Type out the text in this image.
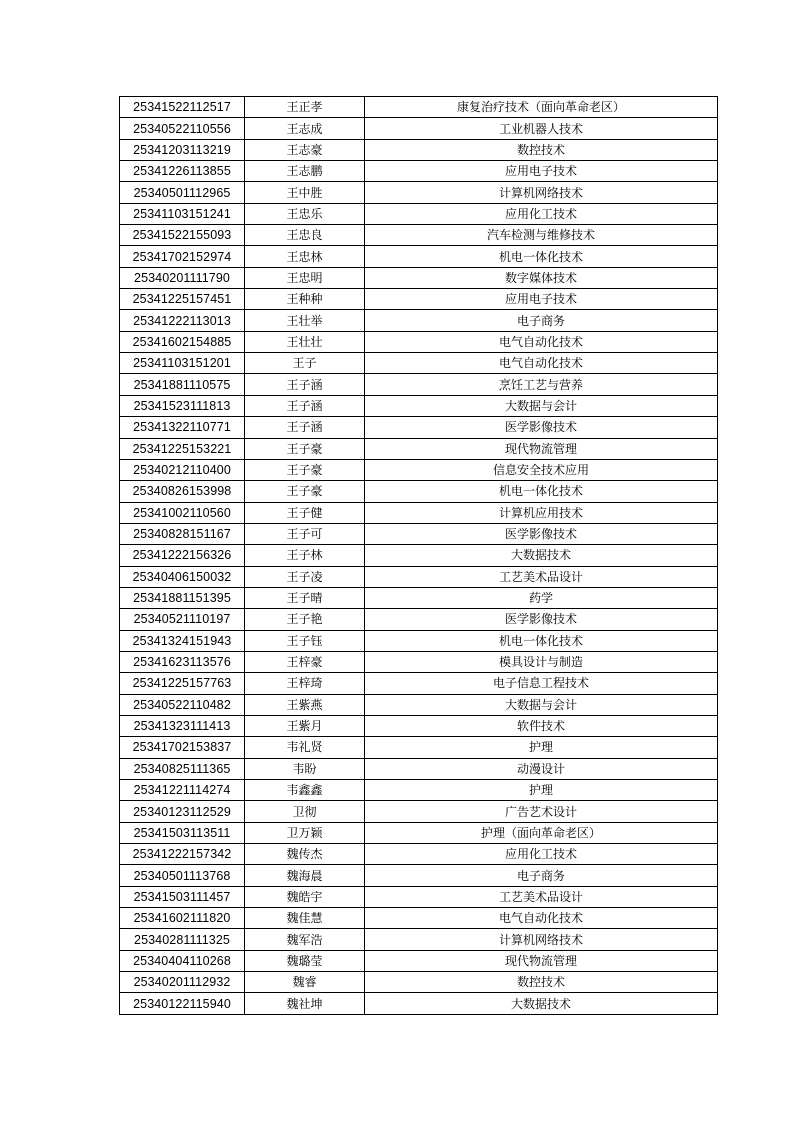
25341522112517	王正孝	康复治疗技术（面向革命老区）
25340522110556	王志成	工业机器人技术
25341203113219	王志豪	数控技术
25341226113855	王志鹏	应用电子技术
25340501112965	王中胜	计算机网络技术
25341103151241	王忠乐	应用化工技术
25341522155093	王忠良	汽车检测与维修技术
25341702152974	王忠林	机电一体化技术
25340201111790	王忠明	数字媒体技术
25341225157451	王种种	应用电子技术
25341222113013	王壮举	电子商务
25341602154885	王壮壮	电气自动化技术
25341103151201	王子	电气自动化技术
25341881110575	王子涵	烹饪工艺与营养
25341523111813	王子涵	大数据与会计
25341322110771	王子涵	医学影像技术
25341225153221	王子豪	现代物流管理
25340212110400	王子豪	信息安全技术应用
25340826153998	王子豪	机电一体化技术
25341002110560	王子健	计算机应用技术
25340828151167	王子可	医学影像技术
25341222156326	王子林	大数据技术
25340406150032	王子凌	工艺美术品设计
25341881151395	王子晴	药学
25340521110197	王子艳	医学影像技术
25341324151943	王子钰	机电一体化技术
25341623113576	王梓豪	模具设计与制造
25341225157763	王梓琦	电子信息工程技术
25340522110482	王紫燕	大数据与会计
25341323111413	王紫月	软件技术
25341702153837	韦礼贤	护理
25340825111365	韦盼	动漫设计
25341221114274	韦鑫鑫	护理
25340123112529	卫彻	广告艺术设计
25341503113511	卫万颖	护理（面向革命老区）
25341222157342	魏传杰	应用化工技术
25340501113768	魏海晨	电子商务
25341503111457	魏皓宇	工艺美术品设计
25341602111820	魏佳慧	电气自动化技术
25340281111325	魏军浩	计算机网络技术
25340404110268	魏璐莹	现代物流管理
25340201112932	魏睿	数控技术
25340122115940	魏社坤	大数据技术
